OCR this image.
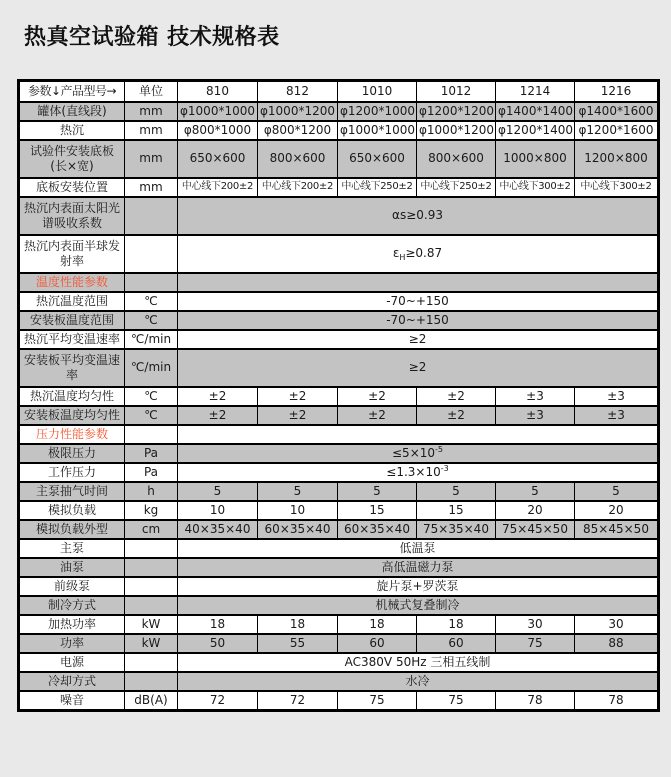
热真空试验箱 技术规格表
参数↓产品型号→	单位	810	812	1010	1012	1214	1216
罐体(直线段)	mm	φ1000*1000	φ1000*1200	φ1200*1000	φ1200*1200	φ1400*1400	φ1400*1600
热沉	mm	φ800*1000	φ800*1200	φ1000*1000	φ1000*1200	φ1200*1400	φ1200*1600
试验件安装底板(长×宽)	mm	650×600	800×600	650×600	800×600	1000×800	1200×800
底板安装位置	mm	中心线下200±2	中心线下200±2	中心线下250±2	中心线下250±2	中心线下300±2	中心线下300±2
热沉内表面太阳光谱吸收系数		αs≥0.93					
热沉内表面半球发射率		$\varepsilon_H\ge 0.87$					
温度性能参数							
热沉温度范围	℃	-70~+150					
安装板温度范围	℃	-70~+150					
热沉平均变温速率	℃/min	≥2					
安装板平均变温速率	℃/min	≥2					
热沉温度均匀性	℃	±2	±2	±2	±2	±3	±3
安装板温度均匀性	℃	±2	±2	±2	±2	±3	±3
压力性能参数							
极限压力	Pa	$\le 5\times 10^{-5}$
工作压力	Pa	$\le 1.3\times 10^{-3}$
主泵抽气时间	h	5	5	5	5	5	5
模拟负载	kg	10	10	15	15	20	20
模拟负载外型	cm	40×35×40	60×35×40	60×35×40	75×35×40	75×45×50	85×45×50
主泵		低温泵					
油泵		高低温磁力泵					
前级泵		旋片泵+罗茨泵					
制冷方式		机械式复叠制冷					
加热功率	kW	18	18	18	18	30	30
功率	kW	50	55	60	60	75	88
电源		AC380V 50Hz 三相五线制					
冷却方式		水冷					
噪音	dB(A)	72	72	75	75	78	78
